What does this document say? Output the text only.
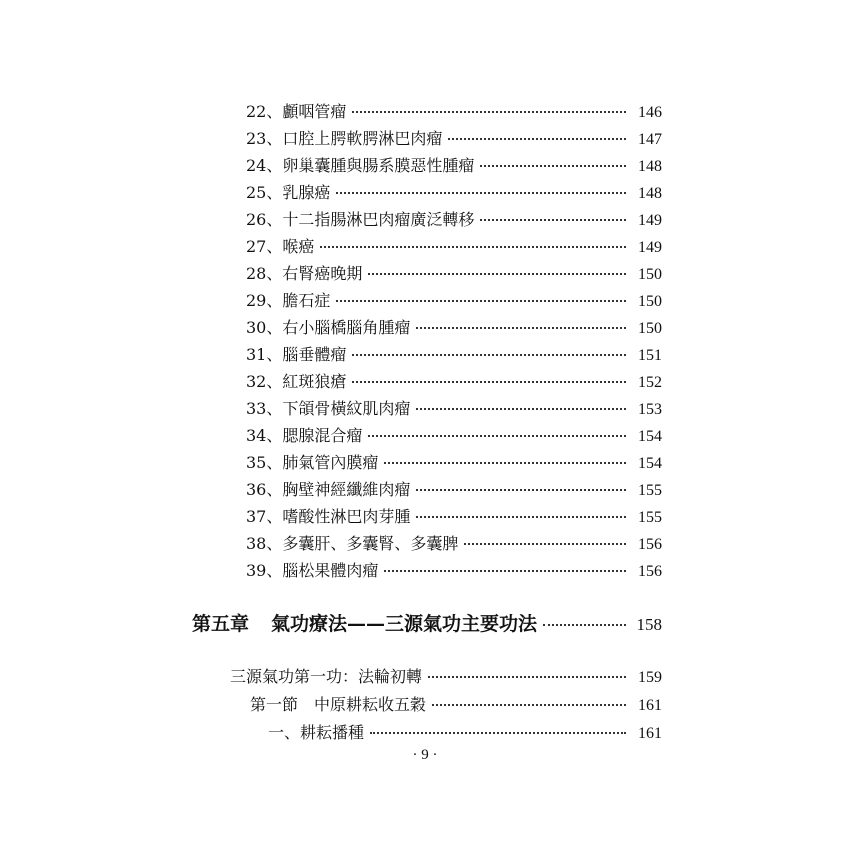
22、顱咽管瘤	146
23、口腔上腭軟腭淋巴肉瘤	147
24、卵巢囊腫與腸系膜惡性腫瘤	148
25、乳腺癌	148
26、十二指腸淋巴肉瘤廣泛轉移	149
27、喉癌	149
28、右腎癌晚期	150
29、膽石症	150
30、右小腦橋腦角腫瘤	150
31、腦垂體瘤	151
32、紅斑狼瘡	152
33、下頜骨橫紋肌肉瘤	153
34、腮腺混合瘤	154
35、肺氣管內膜瘤	154
36、胸壁神經纖維肉瘤	155
37、嗜酸性淋巴肉芽腫	155
38、多囊肝、多囊腎、多囊脾	156
39、腦松果體肉瘤	156
第五章 氣功療法——三源氣功主要功法	158
三源氣功第一功：法輪初轉	159
第一節　中原耕耘收五穀	161
一、耕耘播種	161
· 9 ·
